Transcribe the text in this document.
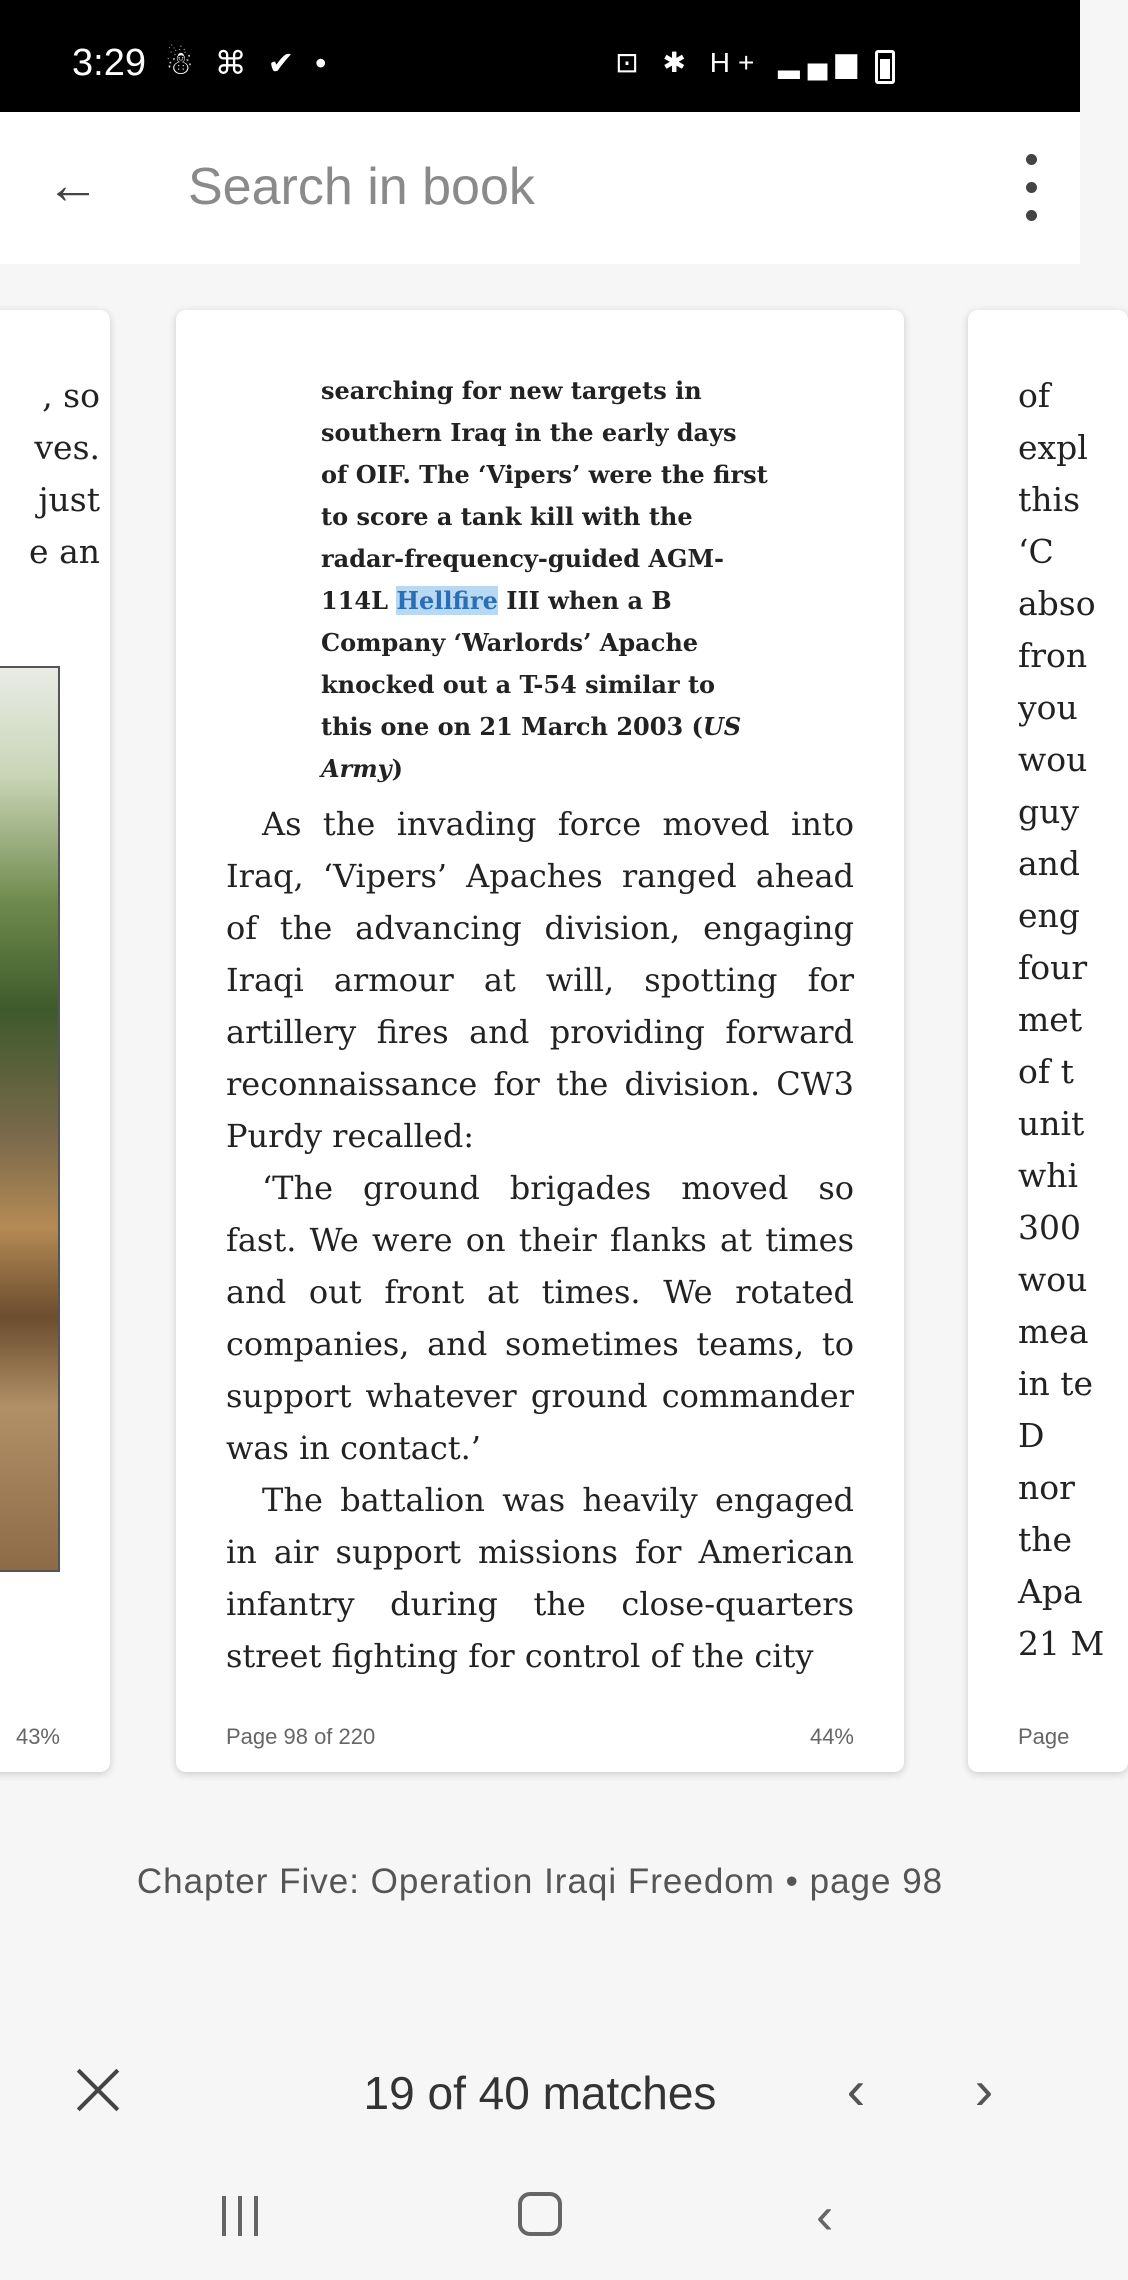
3:29 ☃ ⌘ ✔ •	⊡ ✱ H+ ▂▄▆
←
Search in book
, so
ves.
just
e an
43%
searching for new targets in southern Iraq in the early days of OIF. The ‘Vipers’ were the first to score a tank kill with the radar-frequency-guided AGM-114L Hellfire III when a B Company ‘Warlords’ Apache knocked out a T-54 similar to this one on 21 March 2003 (US Army)

As the invading force moved into Iraq, ‘Vipers’ Apaches ranged ahead of the advancing division, engaging Iraqi armour at will, spotting for artillery fires and providing forward reconnaissance for the division. CW3 Purdy recalled:

‘The ground brigades moved so fast. We were on their flanks at times and out front at times. We rotated companies, and sometimes teams, to support whatever ground commander was in contact.’

The battalion was heavily engaged in air support missions for American infantry during the close-quarters street fighting for control of the city

Page 98 of 220	44%
of
expl
this
‘C
abso
fron
you
wou
guy
and
eng
four
met
of t
unit
whi
300
wou
mea
in te
D
nor
the
Apa
21 M
Page
Chapter Five: Operation Iraqi Freedom • page 98
19 of 40 matches	‹	›
‹
